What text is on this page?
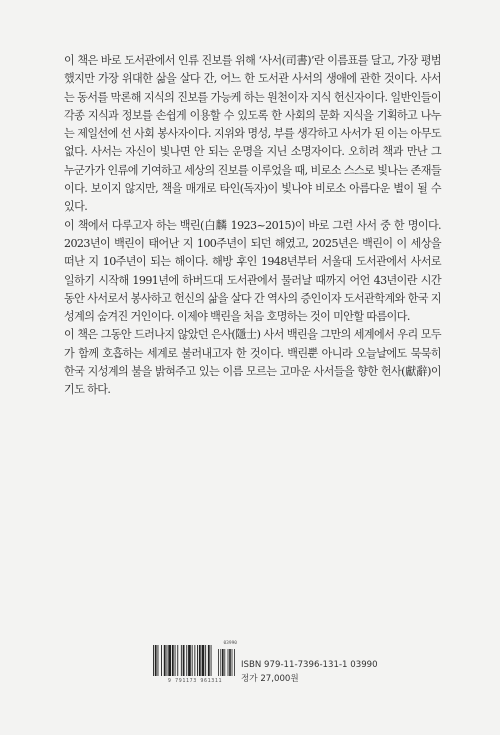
이 책은 바로 도서관에서 인류 진보를 위해 ‘사서(司書)’란 이름표를 달고, 가장 평범했지만 가장 위대한 삶을 살다 간, 어느 한 도서관 사서의 생애에 관한 것이다. 사서는 동서를 막론해 지식의 진보를 가능케 하는 원천이자 지식 헌신자이다. 일반인들이 각종 지식과 정보를 손쉽게 이용할 수 있도록 한 사회의 문화 지식을 기획하고 나누는 제일선에 선 사회 봉사자이다. 지위와 명성, 부를 생각하고 사서가 된 이는 아무도 없다. 사서는 자신이 빛나면 안 되는 운명을 지닌 소명자이다. 오히려 책과 만난 그 누군가가 인류에 기여하고 세상의 진보를 이루었을 때, 비로소 스스로 빛나는 존재들이다. 보이지 않지만, 책을 매개로 타인(독자)이 빛나야 비로소 아름다운 별이 될 수 있다.

이 책에서 다루고자 하는 백린(白麟 1923~2015)이 바로 그런 사서 중 한 명이다. 2023년이 백린이 태어난 지 100주년이 되던 해였고, 2025년은 백린이 이 세상을 떠난 지 10주년이 되는 해이다. 해방 후인 1948년부터 서울대 도서관에서 사서로 일하기 시작해 1991년에 하버드대 도서관에서 물러날 때까지 어언 43년이란 시간 동안 사서로서 봉사하고 헌신의 삶을 살다 간 역사의 증인이자 도서관학계와 한국 지성계의 숨겨진 거인이다. 이제야 백린을 처음 호명하는 것이 미안할 따름이다.

이 책은 그동안 드러나지 않았던 은사(隱士) 사서 백린을 그만의 세계에서 우리 모두가 함께 호흡하는 세계로 불러내고자 한 것이다. 백린뿐 아니라 오늘날에도 묵묵히 한국 지성계의 불을 밝혀주고 있는 이름 모르는 고마운 사서들을 향한 헌사(獻辭)이기도 하다.

03990
9 791173 961311
ISBN 979-11-7396-131-1 03990
정가 27,000원
